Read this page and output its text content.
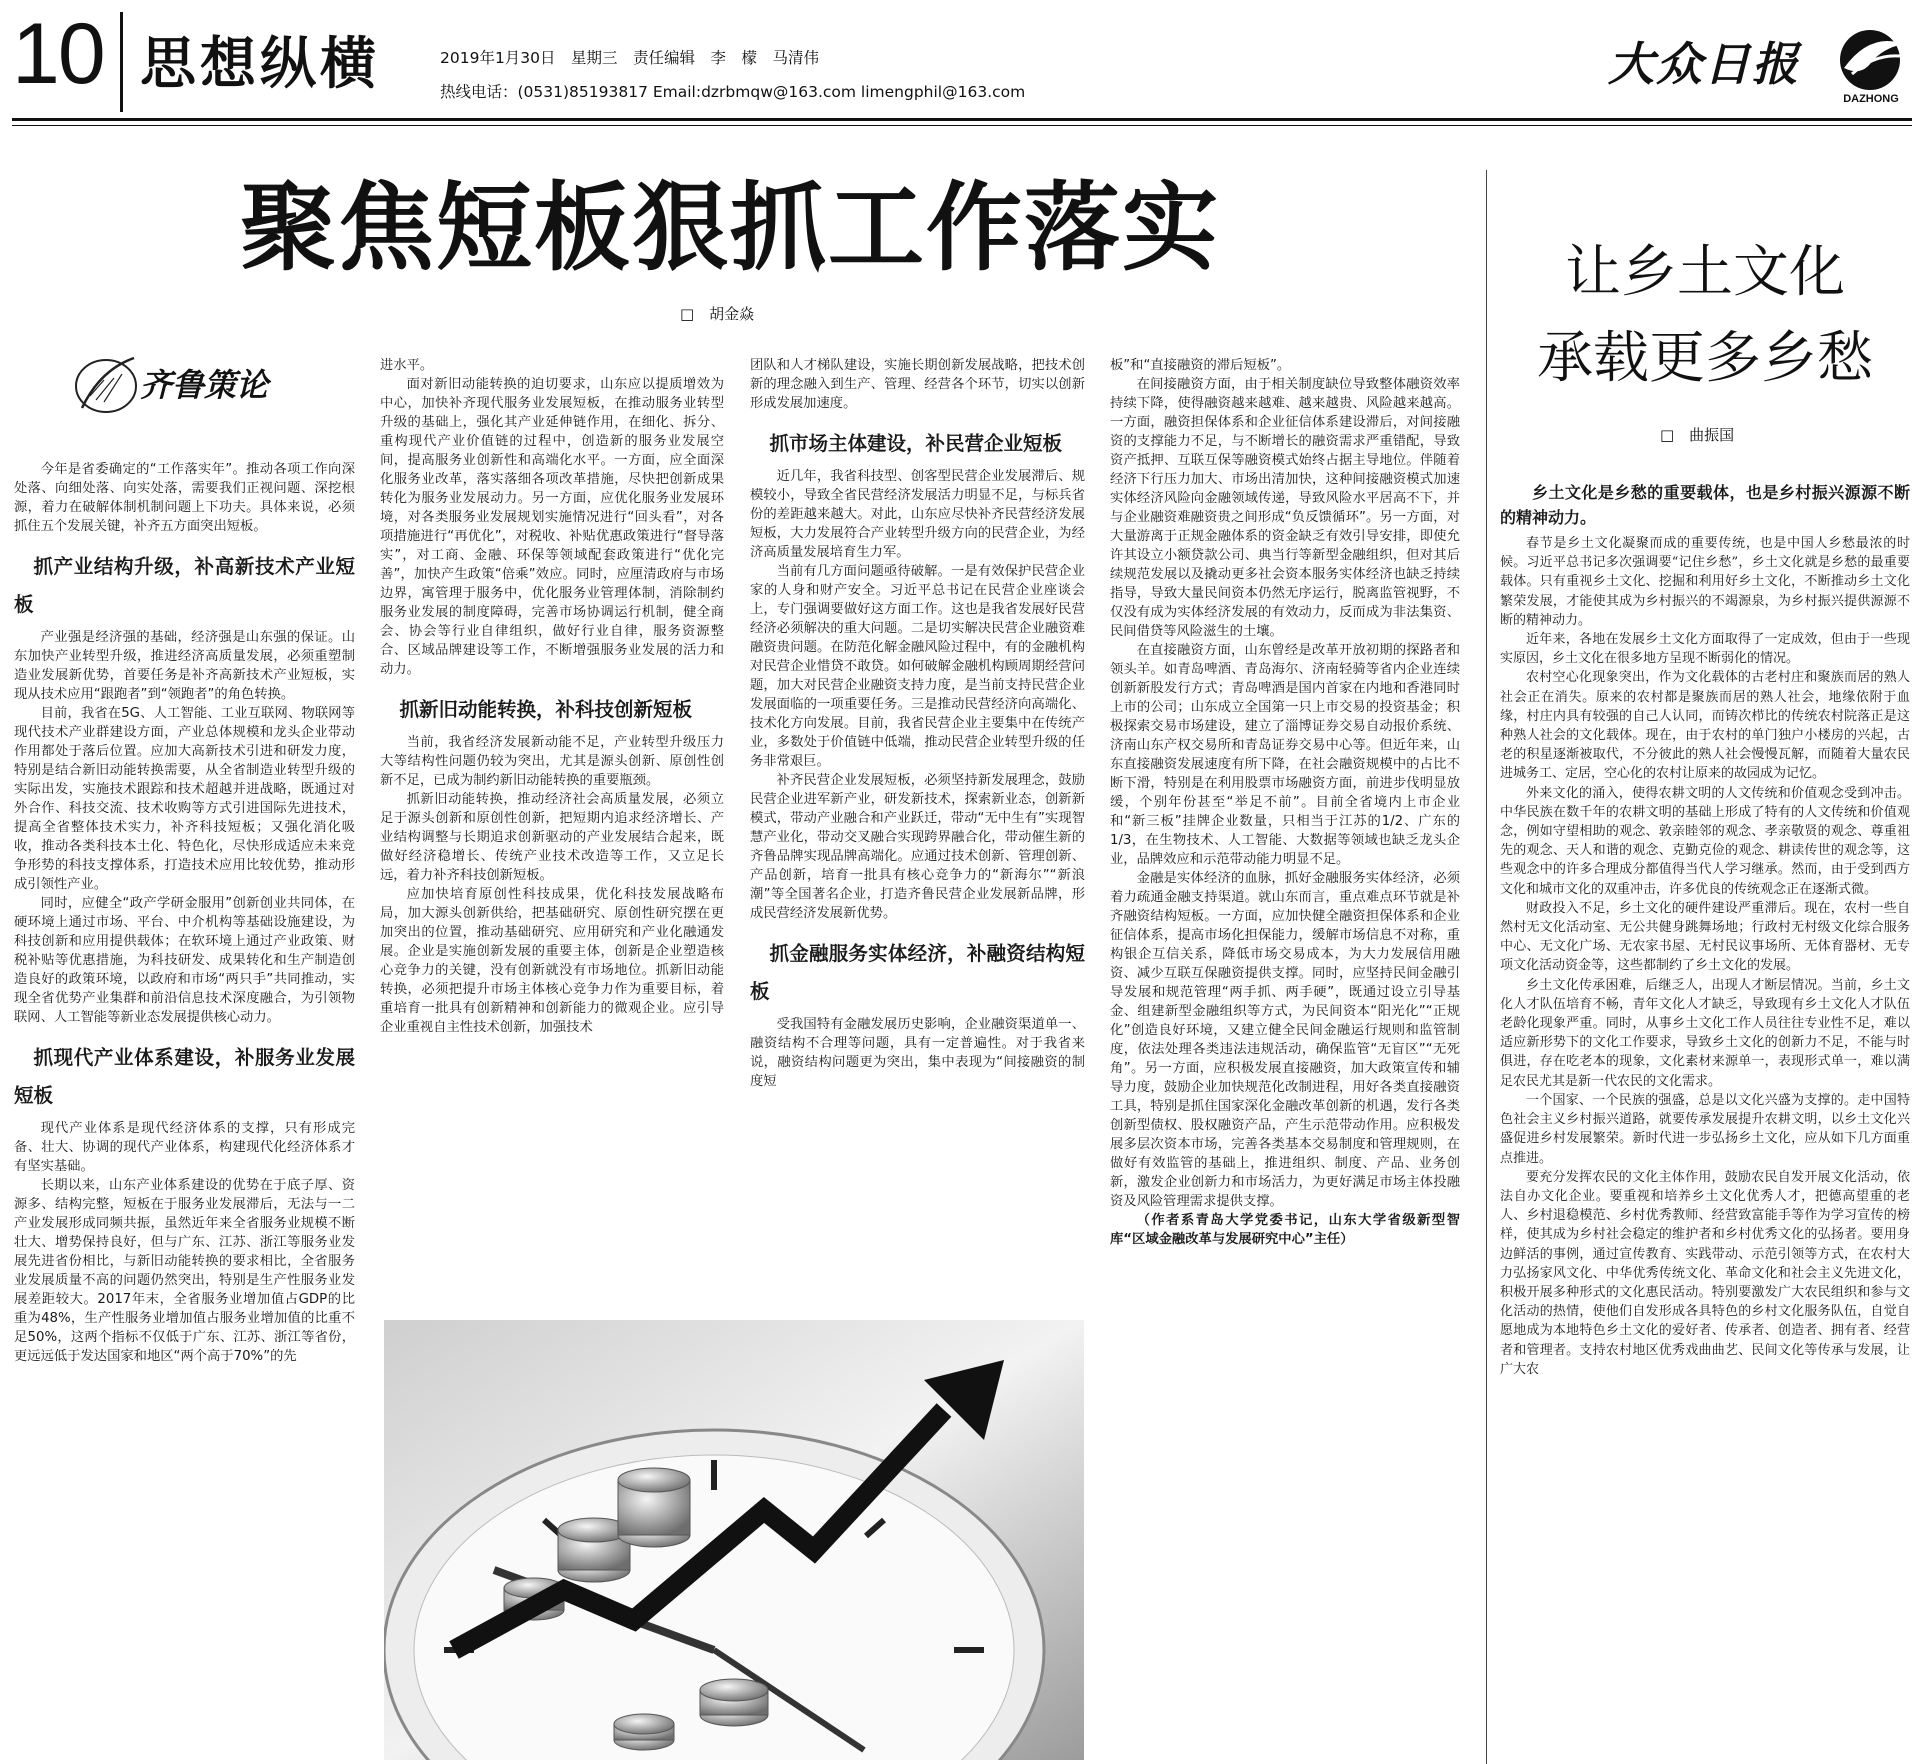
10 思想纵横	2019年1月30日　星期三　责任编辑　李　檬　马清伟
热线电话：(0531)85193817 Email:dzrbmqw@163.com limengphil@163.com
大众日报
DAZHONG
聚焦短板狠抓工作落实
□　胡金焱
齐鲁策论

今年是省委确定的“工作落实年”。推动各项工作向深处落、向细处落、向实处落，需要我们正视问题、深挖根源，着力在破解体制机制问题上下功夫。具体来说，必须抓住五个发展关键，补齐五方面突出短板。

抓产业结构升级，补高新技术产业短板

产业强是经济强的基础，经济强是山东强的保证。山东加快产业转型升级，推进经济高质量发展，必须重塑制造业发展新优势，首要任务是补齐高新技术产业短板，实现从技术应用“跟跑者”到“领跑者”的角色转换。

目前，我省在5G、人工智能、工业互联网、物联网等现代技术产业群建设方面，产业总体规模和龙头企业带动作用都处于落后位置。应加大高新技术引进和研发力度，特别是结合新旧动能转换需要，从全省制造业转型升级的实际出发，实施技术跟踪和技术超越并进战略，既通过对外合作、科技交流、技术收购等方式引进国际先进技术，提高全省整体技术实力，补齐科技短板；又强化消化吸收，推动各类科技本土化、特色化，尽快形成适应未来竞争形势的科技支撑体系，打造技术应用比较优势，推动形成引领性产业。

同时，应健全“政产学研金服用”创新创业共同体，在硬环境上通过市场、平台、中介机构等基础设施建设，为科技创新和应用提供载体；在软环境上通过产业政策、财税补贴等优惠措施，为科技研发、成果转化和生产制造创造良好的政策环境，以政府和市场“两只手”共同推动，实现全省优势产业集群和前沿信息技术深度融合，为引领物联网、人工智能等新业态发展提供核心动力。

抓现代产业体系建设，补服务业发展短板

现代产业体系是现代经济体系的支撑，只有形成完备、壮大、协调的现代产业体系，构建现代化经济体系才有坚实基础。

长期以来，山东产业体系建设的优势在于底子厚、资源多、结构完整，短板在于服务业发展滞后，无法与一二产业发展形成同频共振，虽然近年来全省服务业规模不断壮大、增势保持良好，但与广东、江苏、浙江等服务业发展先进省份相比，与新旧动能转换的要求相比，全省服务业发展质量不高的问题仍然突出，特别是生产性服务业发展差距较大。2017年末，全省服务业增加值占GDP的比重为48%，生产性服务业增加值占服务业增加值的比重不足50%，这两个指标不仅低于广东、江苏、浙江等省份，更远远低于发达国家和地区“两个高于70%”的先

进水平。

面对新旧动能转换的迫切要求，山东应以提质增效为中心，加快补齐现代服务业发展短板，在推动服务业转型升级的基础上，强化其产业延伸链作用，在细化、拆分、重构现代产业价值链的过程中，创造新的服务业发展空间，提高服务业创新性和高端化水平。一方面，应全面深化服务业改革，落实落细各项改革措施，尽快把创新成果转化为服务业发展动力。另一方面，应优化服务业发展环境，对各类服务业发展规划实施情况进行“回头看”，对各项措施进行“再优化”，对税收、补贴优惠政策进行“督导落实”，对工商、金融、环保等领域配套政策进行“优化完善”，加快产生政策“倍乘”效应。同时，应厘清政府与市场边界，寓管理于服务中，优化服务业管理体制，消除制约服务业发展的制度障碍，完善市场协调运行机制，健全商会、协会等行业自律组织，做好行业自律，服务资源整合、区域品牌建设等工作，不断增强服务业发展的活力和动力。

抓新旧动能转换，补科技创新短板

当前，我省经济发展新动能不足，产业转型升级压力大等结构性问题仍较为突出，尤其是源头创新、原创性创新不足，已成为制约新旧动能转换的重要瓶颈。

抓新旧动能转换，推动经济社会高质量发展，必须立足于源头创新和原创性创新，把短期内追求经济增长、产业结构调整与长期追求创新驱动的产业发展结合起来，既做好经济稳增长、传统产业技术改造等工作，又立足长远，着力补齐科技创新短板。

应加快培育原创性科技成果，优化科技发展战略布局，加大源头创新供给，把基础研究、原创性研究摆在更加突出的位置，推动基础研究、应用研究和产业化融通发展。企业是实施创新发展的重要主体，创新是企业塑造核心竞争力的关键，没有创新就没有市场地位。抓新旧动能转换，必须把提升市场主体核心竞争力作为重要目标，着重培育一批具有创新精神和创新能力的微观企业。应引导企业重视自主性技术创新，加强技术

团队和人才梯队建设，实施长期创新发展战略，把技术创新的理念融入到生产、管理、经营各个环节，切实以创新形成发展加速度。

抓市场主体建设，补民营企业短板

近几年，我省科技型、创客型民营企业发展滞后、规模较小，导致全省民营经济发展活力明显不足，与标兵省份的差距越来越大。对此，山东应尽快补齐民营经济发展短板，大力发展符合产业转型升级方向的民营企业，为经济高质量发展培育生力军。

当前有几方面问题亟待破解。一是有效保护民营企业家的人身和财产安全。习近平总书记在民营企业座谈会上，专门强调要做好这方面工作。这也是我省发展好民营经济必须解决的重大问题。二是切实解决民营企业融资难融资贵问题。在防范化解金融风险过程中，有的金融机构对民营企业惜贷不敢贷。如何破解金融机构顾周期经营问题，加大对民营企业融资支持力度，是当前支持民营企业发展面临的一项重要任务。三是推动民营经济向高端化、技术化方向发展。目前，我省民营企业主要集中在传统产业，多数处于价值链中低端，推动民营企业转型升级的任务非常艰巨。

补齐民营企业发展短板，必须坚持新发展理念，鼓励民营企业进军新产业，研发新技术，探索新业态，创新新模式，带动产业融合和产业跃迁，带动“无中生有”实现智慧产业化，带动交叉融合实现跨界融合化，带动催生新的齐鲁品牌实现品牌高端化。应通过技术创新、管理创新、产品创新，培育一批具有核心竞争力的“新海尔”“新浪潮”等全国著名企业，打造齐鲁民营企业发展新品牌，形成民营经济发展新优势。

抓金融服务实体经济，补融资结构短板

受我国特有金融发展历史影响，企业融资渠道单一、融资结构不合理等问题，具有一定普遍性。对于我省来说，融资结构问题更为突出，集中表现为“间接融资的制度短

板”和“直接融资的滞后短板”。

在间接融资方面，由于相关制度缺位导致整体融资效率持续下降，使得融资越来越难、越来越贵、风险越来越高。一方面，融资担保体系和企业征信体系建设滞后，对间接融资的支撑能力不足，与不断增长的融资需求严重错配，导致资产抵押、互联互保等融资模式始终占据主导地位。伴随着经济下行压力加大、市场出清加快，这种间接融资模式加速实体经济风险向金融领域传递，导致风险水平居高不下，并与企业融资难融资贵之间形成“负反馈循环”。另一方面，对大量游离于正规金融体系的资金缺乏有效引导安排，即使允许其设立小额贷款公司、典当行等新型金融组织，但对其后续规范发展以及撬动更多社会资本服务实体经济也缺乏持续指导，导致大量民间资本仍然无序运行，脱离监管视野，不仅没有成为实体经济发展的有效动力，反而成为非法集资、民间借贷等风险滋生的土壤。

在直接融资方面，山东曾经是改革开放初期的探路者和领头羊。如青岛啤酒、青岛海尔、济南轻骑等省内企业连续创新新股发行方式；青岛啤酒是国内首家在内地和香港同时上市的公司；山东成立全国第一只上市交易的投资基金；积极探索交易市场建设，建立了淄博证券交易自动报价系统、济南山东产权交易所和青岛证券交易中心等。但近年来，山东直接融资发展速度有所下降，在社会融资规模中的占比不断下滑，特别是在利用股票市场融资方面，前进步伐明显放缓，个别年份甚至“举足不前”。目前全省境内上市企业和“新三板”挂牌企业数量，只相当于江苏的1/2、广东的1/3，在生物技术、人工智能、大数据等领域也缺乏龙头企业，品牌效应和示范带动能力明显不足。

金融是实体经济的血脉，抓好金融服务实体经济，必须着力疏通金融支持渠道。就山东而言，重点难点环节就是补齐融资结构短板。一方面，应加快健全融资担保体系和企业征信体系，提高市场化担保能力，缓解市场信息不对称，重构银企互信关系，降低市场交易成本，为大力发展信用融资、减少互联互保融资提供支撑。同时，应坚持民间金融引导发展和规范管理“两手抓、两手硬”，既通过设立引导基金、组建新型金融组织等方式，为民间资本“阳光化”“正规化”创造良好环境，又建立健全民间金融运行规则和监管制度，依法处理各类违法违规活动，确保监管“无盲区”“无死角”。另一方面，应积极发展直接融资，加大政策宣传和辅导力度，鼓励企业加快规范化改制进程，用好各类直接融资工具，特别是抓住国家深化金融改革创新的机遇，发行各类创新型债权、股权融资产品，产生示范带动作用。应积极发展多层次资本市场，完善各类基本交易制度和管理规则，在做好有效监管的基础上，推进组织、制度、产品、业务创新，激发企业创新力和市场活力，为更好满足市场主体投融资及风险管理需求提供支撑。

（作者系青岛大学党委书记，山东大学省级新型智库“区域金融改革与发展研究中心”主任）

让乡土文化
承载更多乡愁
□　曲振国

乡土文化是乡愁的重要载体，也是乡村振兴源源不断的精神动力。

春节是乡土文化凝聚而成的重要传统，也是中国人乡愁最浓的时候。习近平总书记多次强调要“记住乡愁”，乡土文化就是乡愁的最重要载体。只有重视乡土文化、挖掘和利用好乡土文化，不断推动乡土文化繁荣发展，才能使其成为乡村振兴的不竭源泉，为乡村振兴提供源源不断的精神动力。

近年来，各地在发展乡土文化方面取得了一定成效，但由于一些现实原因，乡土文化在很多地方呈现不断弱化的情况。

农村空心化现象突出，作为文化载体的古老村庄和聚族而居的熟人社会正在消失。原来的农村都是聚族而居的熟人社会，地缘依附于血缘，村庄内具有较强的自己人认同，而铸次栉比的传统农村院落正是这种熟人社会的文化载体。现在，由于农村的单门独户小楼房的兴起，古老的积星逐渐被取代，不分彼此的熟人社会慢慢瓦解，而随着大量农民进城务工、定居，空心化的农村让原来的故园成为记忆。

外来文化的涌入，使得农耕文明的人文传统和价值观念受到冲击。中华民族在数千年的农耕文明的基础上形成了特有的人文传统和价值观念，例如守望相助的观念、敦亲睦邻的观念、孝亲敬贤的观念、尊重祖先的观念、天人和谐的观念、克勤克俭的观念、耕读传世的观念等，这些观念中的许多合理成分都值得当代人学习继承。然而，由于受到西方文化和城市文化的双重冲击，许多优良的传统观念正在逐渐式微。

财政投入不足，乡土文化的硬件建设严重滞后。现在，农村一些自然村无文化活动室、无公共健身跳舞场地；行政村无村级文化综合服务中心、无文化广场、无农家书屋、无村民议事场所、无体育器材、无专项文化活动资金等，这些都制约了乡土文化的发展。

乡土文化传承困难，后继乏人，出现人才断层情况。当前，乡土文化人才队伍培育不畅，青年文化人才缺乏，导致现有乡土文化人才队伍老龄化现象严重。同时，从事乡土文化工作人员往往专业性不足，难以适应新形势下的文化工作要求，导致乡土文化的创新力不足，不能与时俱进，存在吃老本的现象，文化素材来源单一，表现形式单一，难以满足农民尤其是新一代农民的文化需求。

一个国家、一个民族的强盛，总是以文化兴盛为支撑的。走中国特色社会主义乡村振兴道路，就要传承发展提升农耕文明，以乡土文化兴盛促进乡村发展繁荣。新时代进一步弘扬乡土文化，应从如下几方面重点推进。

要充分发挥农民的文化主体作用，鼓励农民自发开展文化活动，依法自办文化企业。要重视和培养乡土文化优秀人才，把德高望重的老人、乡村退稳模范、乡村优秀教师、经营致富能手等作为学习宣传的榜样，使其成为乡村社会稳定的维护者和乡村优秀文化的弘扬者。要用身边鲜活的事例，通过宣传教育、实践带动、示范引领等方式，在农村大力弘扬家风文化、中华优秀传统文化、革命文化和社会主义先进文化，积极开展多种形式的文化惠民活动。特别要激发广大农民组织和参与文化活动的热情，使他们自发形成各具特色的乡村文化服务队伍，自觉自愿地成为本地特色乡土文化的爱好者、传承者、创造者、拥有者、经营者和管理者。支持农村地区优秀戏曲曲艺、民间文化等传承与发展，让广大农
